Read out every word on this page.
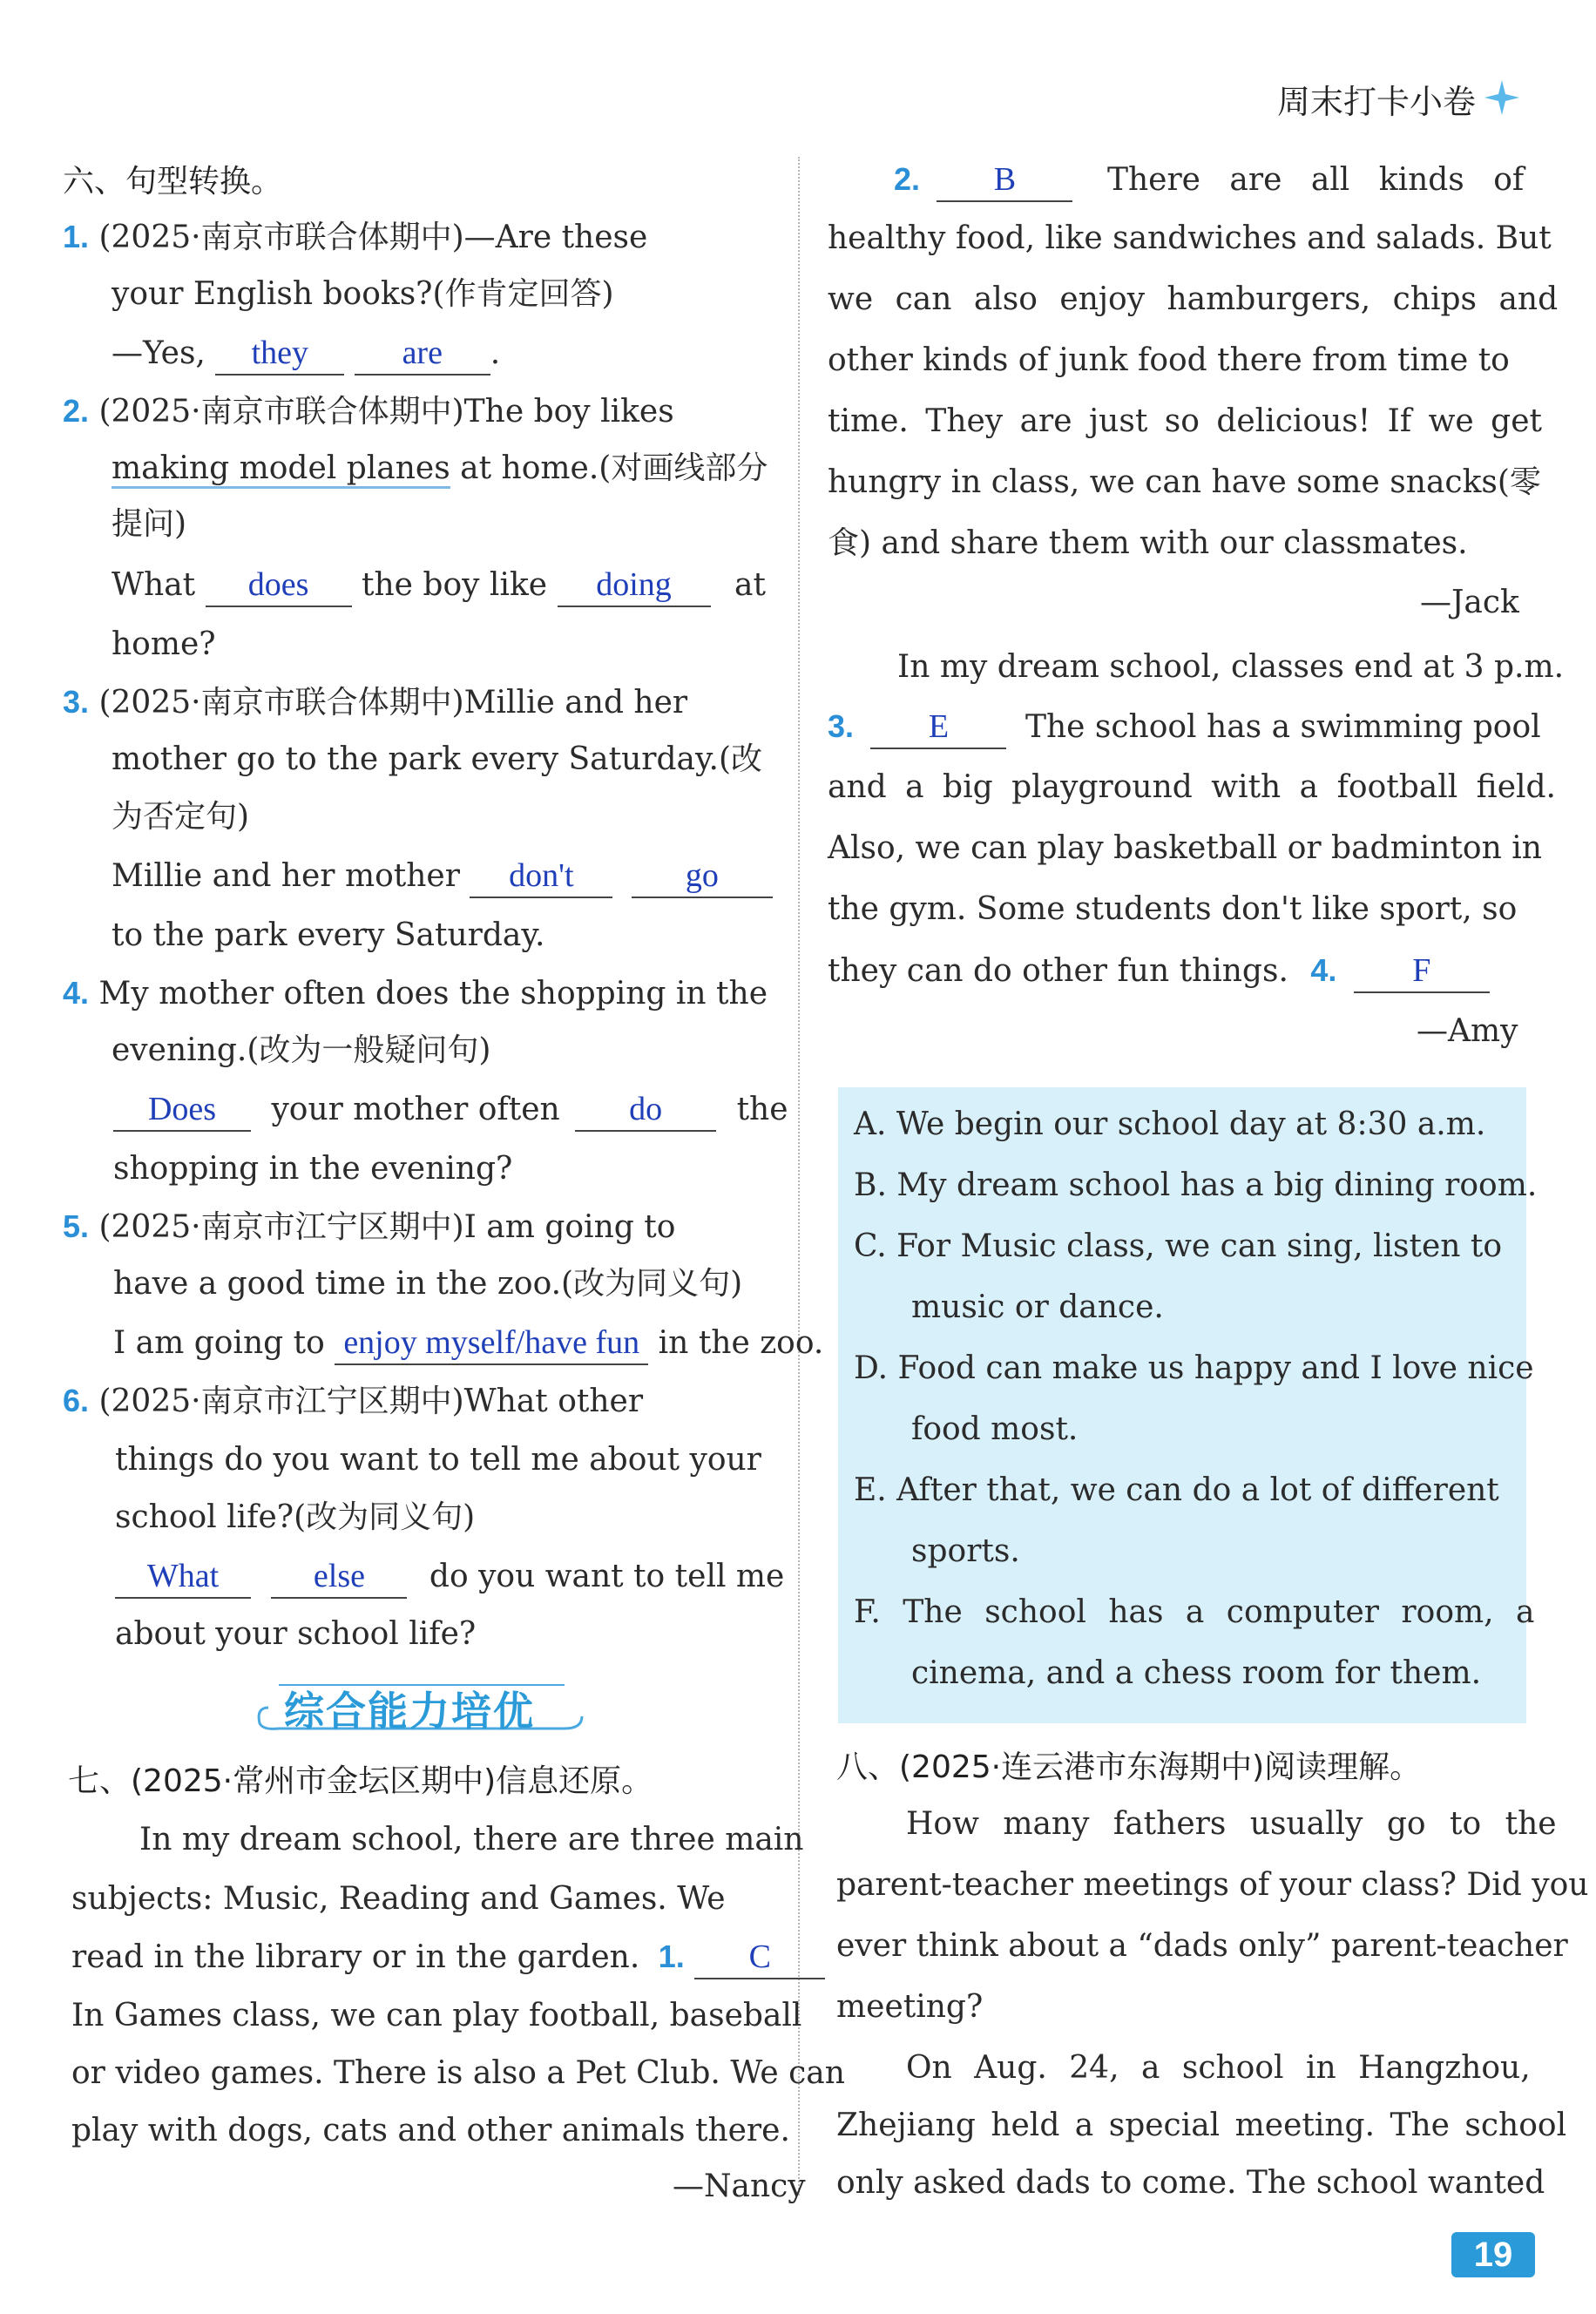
周末打卡小卷
六、句型转换。
1. (2025·南京市联合体期中)—Are these
your English books?(作肯定回答)
—Yes, they	are .
2. (2025·南京市联合体期中)The boy likes
making model planes at home.(对画线部分
提问)
What does the boy like doing at
home?
3. (2025·南京市联合体期中)Millie and her
mother go to the park every Saturday.(改
为否定句)
Millie and her mother don't	go
to the park every Saturday.
4. My mother often does the shopping in the
evening.(改为一般疑问句)
Does your mother often do the
shopping in the evening?
5. (2025·南京市江宁区期中)I am going to
have a good time in the zoo.(改为同义句)
I am going to enjoy myself/have fun in the zoo.
6. (2025·南京市江宁区期中)What other
things do you want to tell me about your
school life?(改为同义句)
What	else do you want to tell me
about your school life?
综合能力培优
七、(2025·常州市金坛区期中)信息还原。
In my dream school, there are three main
subjects: Music, Reading and Games. We
read in the library or in the garden. 1. C
In Games class, we can play football, baseball
or video games. There is also a Pet Club. We can
play with dogs, cats and other animals there.
—Nancy
2. B	There are all kinds of
healthy food, like sandwiches and salads. But
we can also enjoy hamburgers, chips and
other kinds of junk food there from time to
time. They are just so delicious! If we get
hungry in class, we can have some snacks(零
食) and share them with our classmates.
—Jack
In my dream school, classes end at 3 p.m.
3. E The school has a swimming pool
and a big playground with a football field.
Also, we can play basketball or badminton in
the gym. Some students don't like sport, so
they can do other fun things. 4. F
—Amy
A. We begin our school day at 8:30 a.m.
B. My dream school has a big dining room.
C. For Music class, we can sing, listen to
music or dance.
D. Food can make us happy and I love nice
food most.
E. After that, we can do a lot of different
sports.
F. The school has a computer room, a
cinema, and a chess room for them.
八、(2025·连云港市东海期中)阅读理解。
How many fathers usually go to the
parent-teacher meetings of your class? Did you
ever think about a “dads only” parent-teacher
meeting?
On Aug. 24, a school in Hangzhou,
Zhejiang held a special meeting. The school
only asked dads to come. The school wanted
19
